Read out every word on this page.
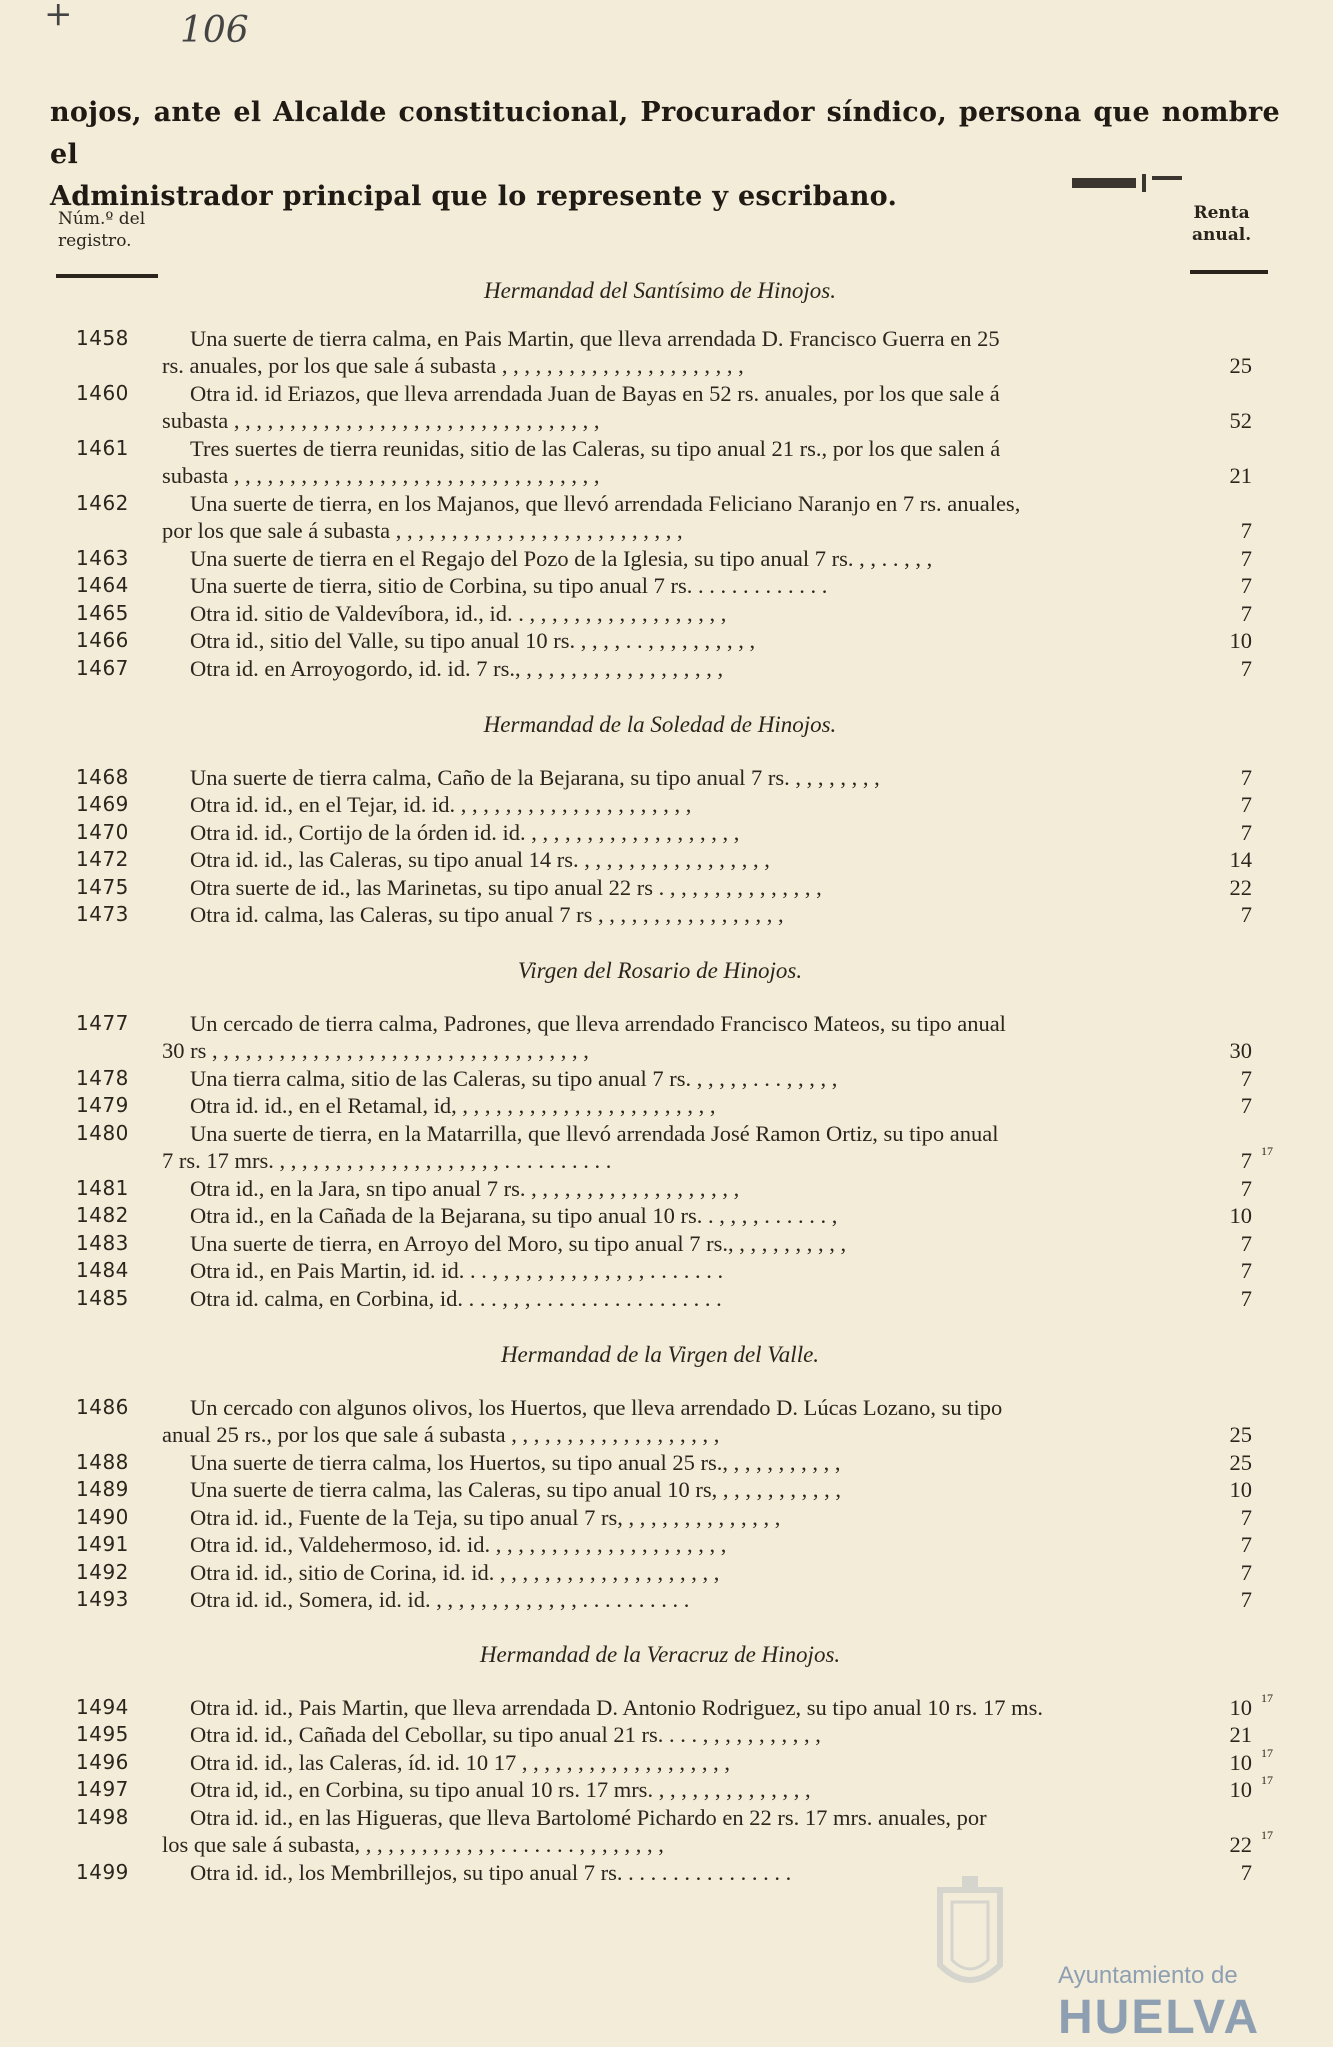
+	106
nojos, ante el Alcalde constitucional, Procurador síndico, persona que nombre el
Administrador principal que lo represente y escribano.
Núm.º del
registro.
Renta
anual.
Hermandad del Santísimo de Hinojos.
1458	Una suerte de tierra calma, en Pais Martin, que lleva arrendada D. Francisco Guerra en 25
rs. anuales, por los que sale á subasta , , , , , , , , , , , , , , , , , , , , , ,	25
1460	Otra id. id Eriazos, que lleva arrendada Juan de Bayas en 52 rs. anuales, por los que sale á
subasta , , , , , , , , , , , , , , , , , , , , , , , , , , , , , , , , ,	52
1461	Tres suertes de tierra reunidas, sitio de las Caleras, su tipo anual 21 rs., por los que salen á
subasta , , , , , , , , , , , , , , , , , , , , , , , , , , , , , , , , ,	21
1462	Una suerte de tierra, en los Majanos, que llevó arrendada Feliciano Naranjo en 7 rs. anuales,
por los que sale á subasta , , , , , , , , , , , , , , , , , , , , , , , , , ,	7
1463	Una suerte de tierra en el Regajo del Pozo de la Iglesia, su tipo anual 7 rs. , , . . , , ,	7
1464	Una suerte de tierra, sitio de Corbina, su tipo anual 7 rs. . . . . . . . . . . . .	7
1465	Otra id. sitio de Valdevíbora, id., id. . , , , , , , , , , , , , , , , , , ,	7
1466	Otra id., sitio del Valle, su tipo anual 10 rs. , , , , . . , , , , , , , , , ,	10
1467	Otra id. en Arroyogordo, id. id. 7 rs., , , , , , , , , , , , , , , , , , ,	7
Hermandad de la Soledad de Hinojos.
1468	Una suerte de tierra calma, Caño de la Bejarana, su tipo anual 7 rs. , , , , , , , ,	7
1469	Otra id. id., en el Tejar, id. id. , , , , , , , , , , , , , , , , , , , , ,	7
1470	Otra id. id., Cortijo de la órden id. id. , , , , , , , , , , , , , , , , , , ,	7
1472	Otra id. id., las Caleras, su tipo anual 14 rs. , , , , , , , , , , , , , , , , ,	14
1475	Otra suerte de id., las Marinetas, su tipo anual 22 rs . , , , , , , , , , , , , , ,	22
1473	Otra id. calma, las Caleras, su tipo anual 7 rs , , , , , , , , , , , , , , , , ,	7
Virgen del Rosario de Hinojos.
1477	Un cercado de tierra calma, Padrones, que lleva arrendado Francisco Mateos, su tipo anual
30 rs , , , , , , , , , , , , , , , , , , , , , , , , , , , , , , , , , ,	30
1478	Una tierra calma, sitio de las Caleras, su tipo anual 7 rs. , , , , , . . . , , , , ,	7
1479	Otra id. id., en el Retamal, id, , , , , , , , , , , , , , , , , , , , , , , ,	7
1480	Una suerte de tierra, en la Matarrilla, que llevó arrendada José Ramon Ortiz, su tipo anual
7 rs. 17 mrs. , , , , , , , , , , , , , , , , , , , , . . . . . . . . . .	7 17
1481	Otra id., en la Jara, sn tipo anual 7 rs. , , , , , , , , , , , , , , , , , , ,	7
1482	Otra id., en la Cañada de la Bejarana, su tipo anual 10 rs. . , , , , . . . . . . ,	10
1483	Una suerte de tierra, en Arroyo del Moro, su tipo anual 7 rs., , , , , , , , , , ,	7
1484	Otra id., en Pais Martin, id. id. . . , , , , , , , , , , , , , , . . . . . . .	7
1485	Otra id. calma, en Corbina, id. . . . , , , . . . . . . . . . . . . . . . . .	7
Hermandad de la Virgen del Valle.
1486	Un cercado con algunos olivos, los Huertos, que lleva arrendado D. Lúcas Lozano, su tipo
anual 25 rs., por los que sale á subasta , , , , , , , , , , , , , , , , , , ,	25
1488	Una suerte de tierra calma, los Huertos, su tipo anual 25 rs., , , , , , , , , , ,	25
1489	Una suerte de tierra calma, las Caleras, su tipo anual 10 rs, , , , , , , , , , , ,	10
1490	Otra id. id., Fuente de la Teja, su tipo anual 7 rs, , , , , , , , , , , , , , ,	7
1491	Otra id. id., Valdehermoso, id. id. , , , , , , , , , , , , , , , , , , , , ,	7
1492	Otra id. id., sitio de Corina, id. id. , , , , , , , , , , , , , , , , , , , ,	7
1493	Otra id. id., Somera, id. id. , , , , , , , , , , , , , . . . . . . . . . .	7
Hermandad de la Veracruz de Hinojos.
1494	Otra id. id., Pais Martin, que lleva arrendada D. Antonio Rodriguez, su tipo anual 10 rs. 17 ms.	10 17
1495	Otra id. id., Cañada del Cebollar, su tipo anual 21 rs. . . . , , , , , , , , , , ,	21
1496	Otra id. id., las Caleras, íd. id. 10 17 , , , , , , , , , , , , , , , , , , ,	10 17
1497	Otra id, id., en Corbina, su tipo anual 10 rs. 17 mrs. , , , , , , , , , , , , , ,	10 17
1498	Otra id. id., en las Higueras, que lleva Bartolomé Pichardo en 22 rs. 17 mrs. anuales, por
los que sale á subasta, , , , , , , , , , , , , . . . . . . . , , , , , , , ,	22 17
1499	Otra id. id., los Membrillejos, su tipo anual 7 rs. . . . . . . . . . . . . . . .	7
Ayuntamiento de
HUELVA
